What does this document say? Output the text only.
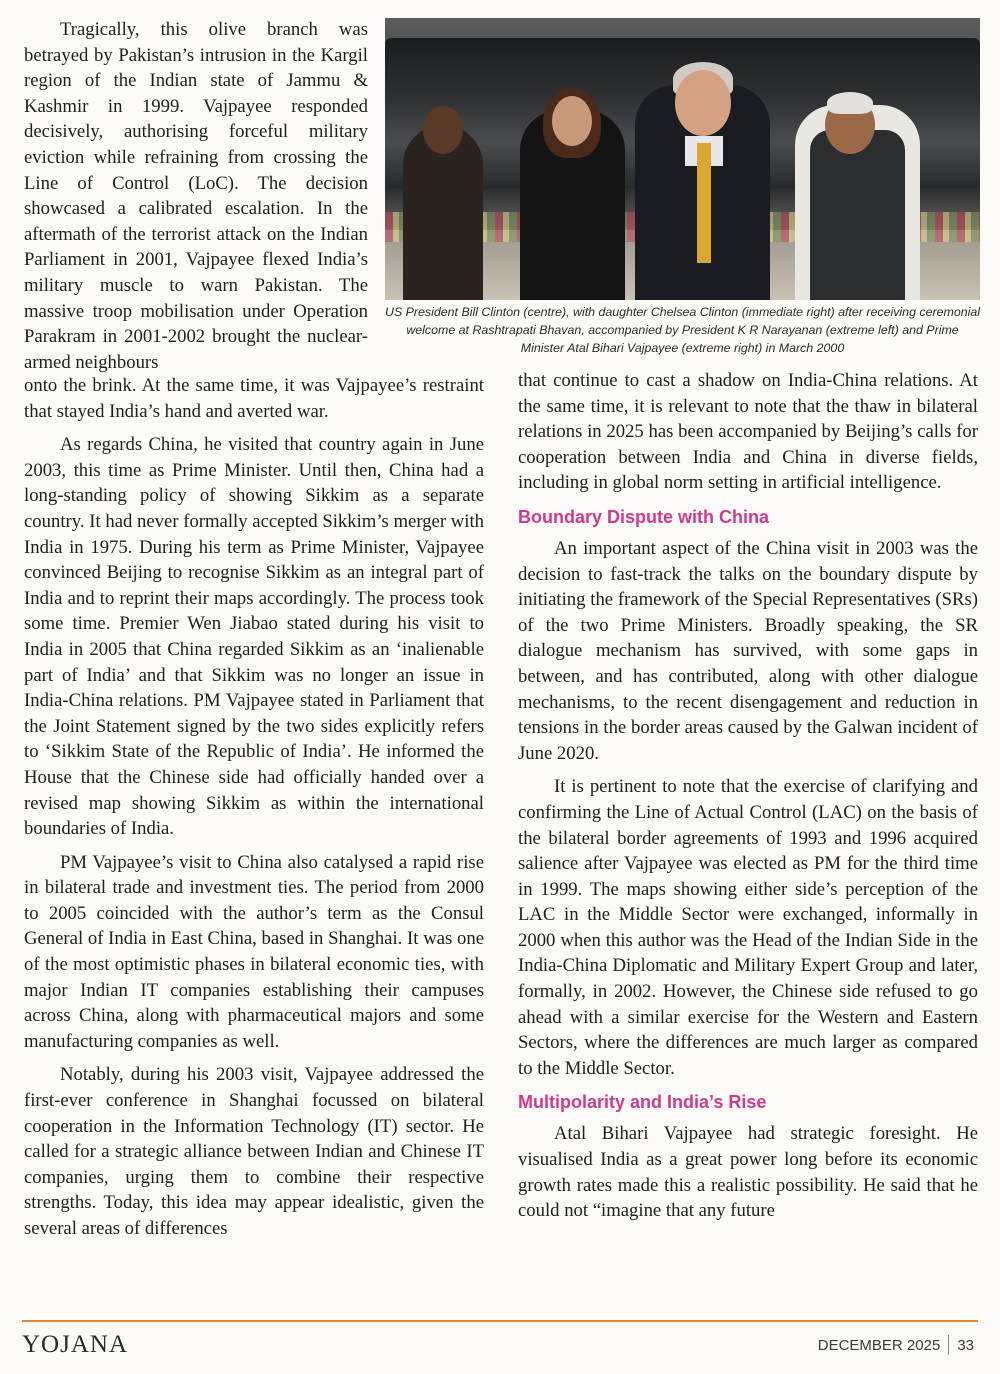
US President Bill Clinton (centre), with daughter Chelsea Clinton (immediate right) after receiving ceremonial welcome at Rashtrapati Bhavan, accompanied by President K R Narayanan (extreme left) and Prime Minister Atal Bihari Vajpayee (extreme right) in March 2000

Tragically, this olive branch was betrayed by Pakistan’s intrusion in the Kargil region of the Indian state of Jammu & Kashmir in 1999. Vajpayee responded decisively, authorising forceful military eviction while refraining from crossing the Line of Control (LoC). The decision showcased a calibrated escalation. In the aftermath of the terrorist attack on the Indian Parliament in 2001, Vajpayee flexed India’s military muscle to warn Pakistan. The massive troop mobilisation under Operation Parakram in 2001-2002 brought the nuclear-armed neighbours

onto the brink. At the same time, it was Vajpayee’s restraint that stayed India’s hand and averted war.

As regards China, he visited that country again in June 2003, this time as Prime Minister. Until then, China had a long-standing policy of showing Sikkim as a separate country. It had never formally accepted Sikkim’s merger with India in 1975. During his term as Prime Minister, Vajpayee convinced Beijing to recognise Sikkim as an integral part of India and to reprint their maps accordingly. The process took some time. Premier Wen Jiabao stated during his visit to India in 2005 that China regarded Sikkim as an ‘inalienable part of India’ and that Sikkim was no longer an issue in India-China relations. PM Vajpayee stated in Parliament that the Joint Statement signed by the two sides explicitly refers to ‘Sikkim State of the Republic of India’. He informed the House that the Chinese side had officially handed over a revised map showing Sikkim as within the international boundaries of India.

PM Vajpayee’s visit to China also catalysed a rapid rise in bilateral trade and investment ties. The period from 2000 to 2005 coincided with the author’s term as the Consul General of India in East China, based in Shanghai. It was one of the most optimistic phases in bilateral economic ties, with major Indian IT companies establishing their campuses across China, along with pharmaceutical majors and some manufacturing companies as well.

Notably, during his 2003 visit, Vajpayee addressed the first-ever conference in Shanghai focussed on bilateral cooperation in the Information Technology (IT) sector. He called for a strategic alliance between Indian and Chinese IT companies, urging them to combine their respective strengths. Today, this idea may appear idealistic, given the several areas of differences

that continue to cast a shadow on India-China relations. At the same time, it is relevant to note that the thaw in bilateral relations in 2025 has been accompanied by Beijing’s calls for cooperation between India and China in diverse fields, including in global norm setting in artificial intelligence.

Boundary Dispute with China

An important aspect of the China visit in 2003 was the decision to fast-track the talks on the boundary dispute by initiating the framework of the Special Representatives (SRs) of the two Prime Ministers. Broadly speaking, the SR dialogue mechanism has survived, with some gaps in between, and has contributed, along with other dialogue mechanisms, to the recent disengagement and reduction in tensions in the border areas caused by the Galwan incident of June 2020.

It is pertinent to note that the exercise of clarifying and confirming the Line of Actual Control (LAC) on the basis of the bilateral border agreements of 1993 and 1996 acquired salience after Vajpayee was elected as PM for the third time in 1999. The maps showing either side’s perception of the LAC in the Middle Sector were exchanged, informally in 2000 when this author was the Head of the Indian Side in the India-China Diplomatic and Military Expert Group and later, formally, in 2002. However, the Chinese side refused to go ahead with a similar exercise for the Western and Eastern Sectors, where the differences are much larger as compared to the Middle Sector.

Multipolarity and India’s Rise

Atal Bihari Vajpayee had strategic foresight. He visualised India as a great power long before its economic growth rates made this a realistic possibility. He said that he could not “imagine that any future

YOJANA	DECEMBER 2025 33
